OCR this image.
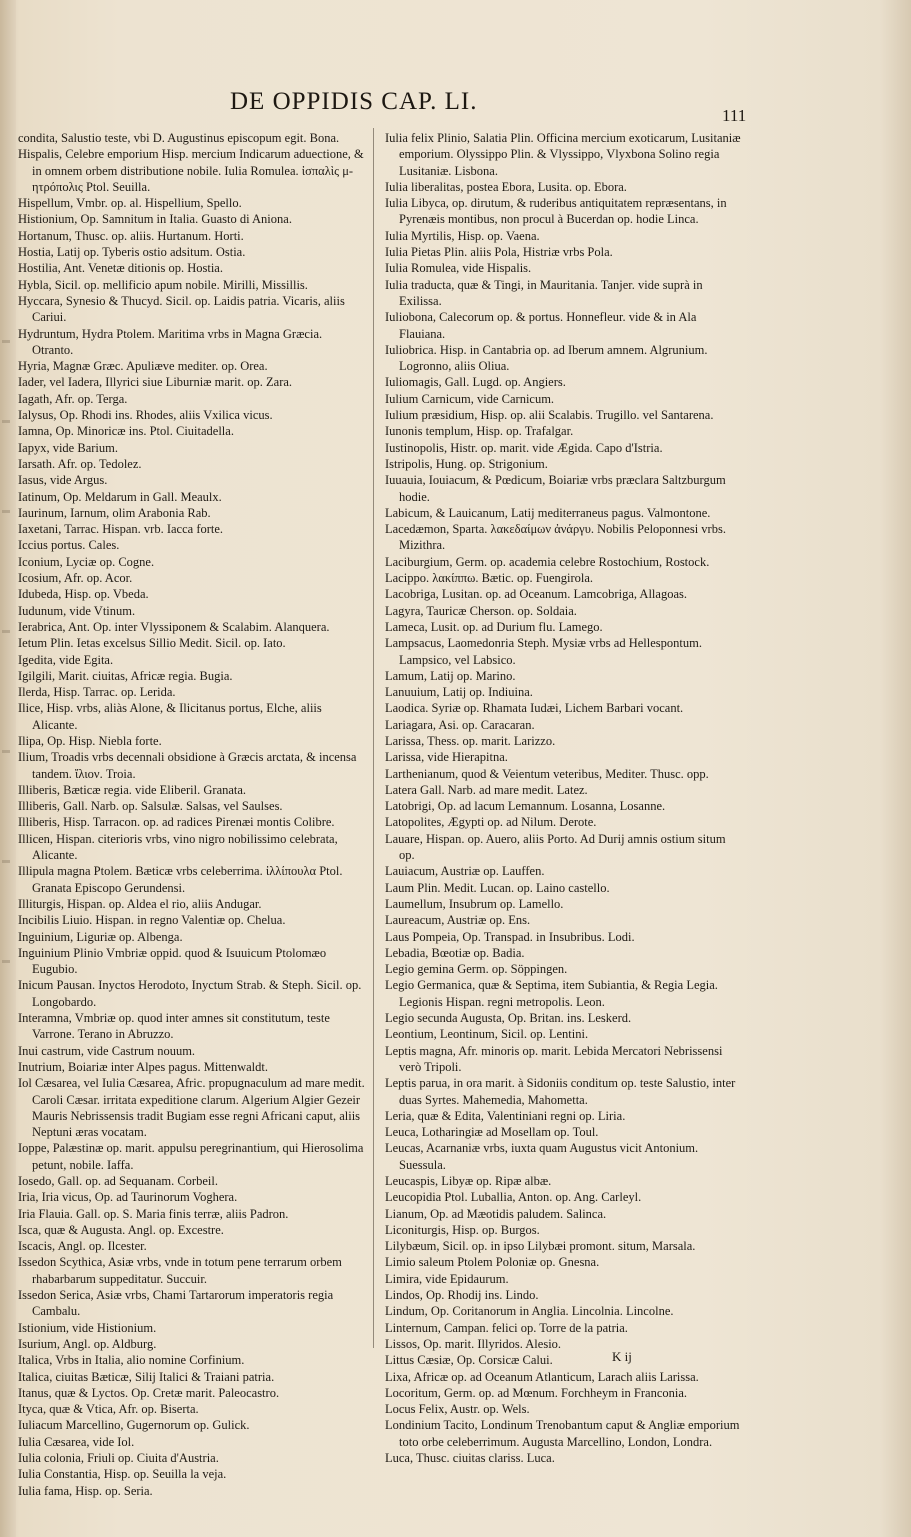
DE OPPIDIS CAP. LI.
111
condita, Salustio teste, vbi D. Augustinus episcopum egit. Bona.
Hispalis, Celebre emporium Hisp. mercium Indicarum aduectione, & in omnem orbem distributione nobile. Iulia Romulea. ἰσπαλὶς μ-ητρόπολις Ptol. Seuilla.
Hispellum, Vmbr. op. al. Hispellium, Spello.
Histionium, Op. Samnitum in Italia. Guasto di Aniona.
Hortanum, Thusc. op. aliis. Hurtanum. Horti.
Hostia, Latij op. Tyberis ostio adsitum. Ostia.
Hostilia, Ant. Venetæ ditionis op. Hostia.
Hybla, Sicil. op. mellificio apum nobile. Mirilli, Missillis.
Hyccara, Synesio & Thucyd. Sicil. op. Laidis patria. Vicaris, aliis Cariui.
Hydruntum, Hydra Ptolem. Maritima vrbs in Magna Græcia. Otranto.
Hyria, Magnæ Græc. Apuliæve mediter. op. Orea.
Iader, vel Iadera, Illyrici siue Liburniæ marit. op. Zara.
Iagath, Afr. op. Terga.
Ialysus, Op. Rhodi ins. Rhodes, aliis Vxilica vicus.
Iamna, Op. Minoricæ ins. Ptol. Ciuitadella.
Iapyx, vide Barium.
Iarsath. Afr. op. Tedolez.
Iasus, vide Argus.
Iatinum, Op. Meldarum in Gall. Meaulx.
Iaurinum, Iarnum, olim Arabonia Rab.
Iaxetani, Tarrac. Hispan. vrb. Iacca forte.
Iccius portus. Cales.
Iconium, Lyciæ op. Cogne.
Icosium, Afr. op. Acor.
Idubeda, Hisp. op. Vbeda.
Iudunum, vide Vtinum.
Ierabrica, Ant. Op. inter Vlyssiponem & Scalabim. Alanquera.
Ietum Plin. Ietas excelsus Sillio Medit. Sicil. op. Iato.
Igedita, vide Egita.
Igilgili, Marit. ciuitas, Africæ regia. Bugia.
Ilerda, Hisp. Tarrac. op. Lerida.
Ilice, Hisp. vrbs, aliàs Alone, & Ilicitanus portus, Elche, aliis Alicante.
Ilipa, Op. Hisp. Niebla forte.
Ilium, Troadis vrbs decennali obsidione à Græcis arctata, & incensa tandem. ἴλιον. Troia.
Illiberis, Bæticæ regia. vide Eliberil. Granata.
Illiberis, Gall. Narb. op. Salsulæ. Salsas, vel Saulses.
Illiberis, Hisp. Tarracon. op. ad radices Pirenæi montis Colibre.
Illicen, Hispan. citerioris vrbs, vino nigro nobilissimo celebrata, Alicante.
Illipula magna Ptolem. Bæticæ vrbs celeberrima. ἰλλίπουλα Ptol. Granata Episcopo Gerundensi.
Illiturgis, Hispan. op. Aldea el rio, aliis Andugar.
Incibilis Liuio. Hispan. in regno Valentiæ op. Chelua.
Inguinium, Liguriæ op. Albenga.
Inguinium Plinio Vmbriæ oppid. quod & Isuuicum Ptolomæo Eugubio.
Inicum Pausan. Inyctos Herodoto, Inyctum Strab. & Steph. Sicil. op. Longobardo.
Interamna, Vmbriæ op. quod inter amnes sit constitutum, teste Varrone. Terano in Abruzzo.
Inui castrum, vide Castrum nouum.
Inutrium, Boiariæ inter Alpes pagus. Mittenwaldt.
Iol Cæsarea, vel Iulia Cæsarea, Afric. propugnaculum ad mare medit. Caroli Cæsar. irritata expeditione clarum. Algerium Algier Gezeir Mauris Nebrissensis tradit Bugiam esse regni Africani caput, aliis Neptuni æras vocatam.
Ioppe, Palæstinæ op. marit. appulsu peregrinantium, qui Hierosolima petunt, nobile. Iaffa.
Iosedo, Gall. op. ad Sequanam. Corbeil.
Iria, Iria vicus, Op. ad Taurinorum Voghera.
Iria Flauia. Gall. op. S. Maria finis terræ, aliis Padron.
Isca, quæ & Augusta. Angl. op. Excestre.
Iscacis, Angl. op. Ilcester.
Issedon Scythica, Asiæ vrbs, vnde in totum pene terrarum orbem rhabarbarum suppeditatur. Succuir.
Issedon Serica, Asiæ vrbs, Chami Tartarorum imperatoris regia Cambalu.
Istionium, vide Histionium.
Isurium, Angl. op. Aldburg.
Italica, Vrbs in Italia, alio nomine Corfinium.
Italica, ciuitas Bæticæ, Silij Italici & Traiani patria.
Itanus, quæ & Lyctos. Op. Cretæ marit. Paleocastro.
Ityca, quæ & Vtica, Afr. op. Biserta.
Iuliacum Marcellino, Gugernorum op. Gulick.
Iulia Cæsarea, vide Iol.
Iulia colonia, Friuli op. Ciuita d'Austria.
Iulia Constantia, Hisp. op. Seuilla la veja.
Iulia fama, Hisp. op. Seria.
Iulia felix Plinio, Salatia Plin. Officina mercium exoticarum, Lusitaniæ emporium. Olyssippo Plin. & Vlyssippo, Vlyxbona Solino regia Lusitaniæ. Lisbona.
Iulia liberalitas, postea Ebora, Lusita. op. Ebora.
Iulia Libyca, op. dirutum, & ruderibus antiquitatem repræsentans, in Pyrenæis montibus, non procul à Bucerdan op. hodie Linca.
Iulia Myrtilis, Hisp. op. Vaena.
Iulia Pietas Plin. aliis Pola, Histriæ vrbs Pola.
Iulia Romulea, vide Hispalis.
Iulia traducta, quæ & Tingi, in Mauritania. Tanjer. vide suprà in Exilissa.
Iuliobona, Calecorum op. & portus. Honnefleur. vide & in Ala Flauiana.
Iuliobrica. Hisp. in Cantabria op. ad Iberum amnem. Algrunium. Logronno, aliis Oliua.
Iuliomagis, Gall. Lugd. op. Angiers.
Iulium Carnicum, vide Carnicum.
Iulium præsidium, Hisp. op. alii Scalabis. Trugillo. vel Santarena.
Iunonis templum, Hisp. op. Trafalgar.
Iustinopolis, Histr. op. marit. vide Ægida. Capo d'Istria.
Istripolis, Hung. op. Strigonium.
Iuuauia, Iouiacum, & Pœdicum, Boiariæ vrbs præclara Saltzburgum hodie.
Labicum, & Lauicanum, Latij mediterraneus pagus. Valmontone.
Lacedæmon, Sparta. λακεδαίμων ἀνάργυ. Nobilis Peloponnesi vrbs. Mizithra.
Laciburgium, Germ. op. academia celebre Rostochium, Rostock.
Lacippo. λακίππω. Bætic. op. Fuengirola.
Lacobriga, Lusitan. op. ad Oceanum. Lamcobriga, Allagoas.
Lagyra, Tauricæ Cherson. op. Soldaia.
Lameca, Lusit. op. ad Durium flu. Lamego.
Lampsacus, Laomedonria Steph. Mysiæ vrbs ad Hellespontum. Lampsico, vel Labsico.
Lamum, Latij op. Marino.
Lanuuium, Latij op. Indiuina.
Laodica. Syriæ op. Rhamata Iudæi, Lichem Barbari vocant.
Lariagara, Asi. op. Caracaran.
Larissa, Thess. op. marit. Larizzo.
Larissa, vide Hierapitna.
Larthenianum, quod & Veientum veteribus, Mediter. Thusc. opp.
Latera Gall. Narb. ad mare medit. Latez.
Latobrigi, Op. ad lacum Lemannum. Losanna, Losanne.
Latopolites, Ægypti op. ad Nilum. Derote.
Lauare, Hispan. op. Auero, aliis Porto. Ad Durij amnis ostium situm op.
Lauiacum, Austriæ op. Lauffen.
Laum Plin. Medit. Lucan. op. Laino castello.
Laumellum, Insubrum op. Lamello.
Laureacum, Austriæ op. Ens.
Laus Pompeia, Op. Transpad. in Insubribus. Lodi.
Lebadia, Bœotiæ op. Badia.
Legio gemina Germ. op. Söppingen.
Legio Germanica, quæ & Septima, item Subiantia, & Regia Legia. Legionis Hispan. regni metropolis. Leon.
Legio secunda Augusta, Op. Britan. ins. Leskerd.
Leontium, Leontinum, Sicil. op. Lentini.
Leptis magna, Afr. minoris op. marit. Lebida Mercatori Nebrissensi verò Tripoli.
Leptis parua, in ora marit. à Sidoniis conditum op. teste Salustio, inter duas Syrtes. Mahemedia, Mahometta.
Leria, quæ & Edita, Valentiniani regni op. Liria.
Leuca, Lotharingiæ ad Mosellam op. Toul.
Leucas, Acarnaniæ vrbs, iuxta quam Augustus vicit Antonium. Suessula.
Leucaspis, Libyæ op. Ripæ albæ.
Leucopidia Ptol. Luballia, Anton. op. Ang. Carleyl.
Lianum, Op. ad Mæotidis paludem. Salinca.
Liconiturgis, Hisp. op. Burgos.
Lilybæum, Sicil. op. in ipso Lilybæi promont. situm, Marsala.
Limio saleum Ptolem Poloniæ op. Gnesna.
Limira, vide Epidaurum.
Lindos, Op. Rhodij ins. Lindo.
Lindum, Op. Coritanorum in Anglia. Lincolnia. Lincolne.
Linternum, Campan. felici op. Torre de la patria.
Lissos, Op. marit. Illyridos. Alesio.
Littus Cæsiæ, Op. Corsicæ Calui.
Lixa, Africæ op. ad Oceanum Atlanticum, Larach aliis Larissa.
Locoritum, Germ. op. ad Mœnum. Forchheym in Franconia.
Locus Felix, Austr. op. Wels.
Londinium Tacito, Londinum Trenobantum caput & Angliæ emporium toto orbe celeberrimum. Augusta Marcellino, London, Londra.
Luca, Thusc. ciuitas clariss. Luca.
K ij
